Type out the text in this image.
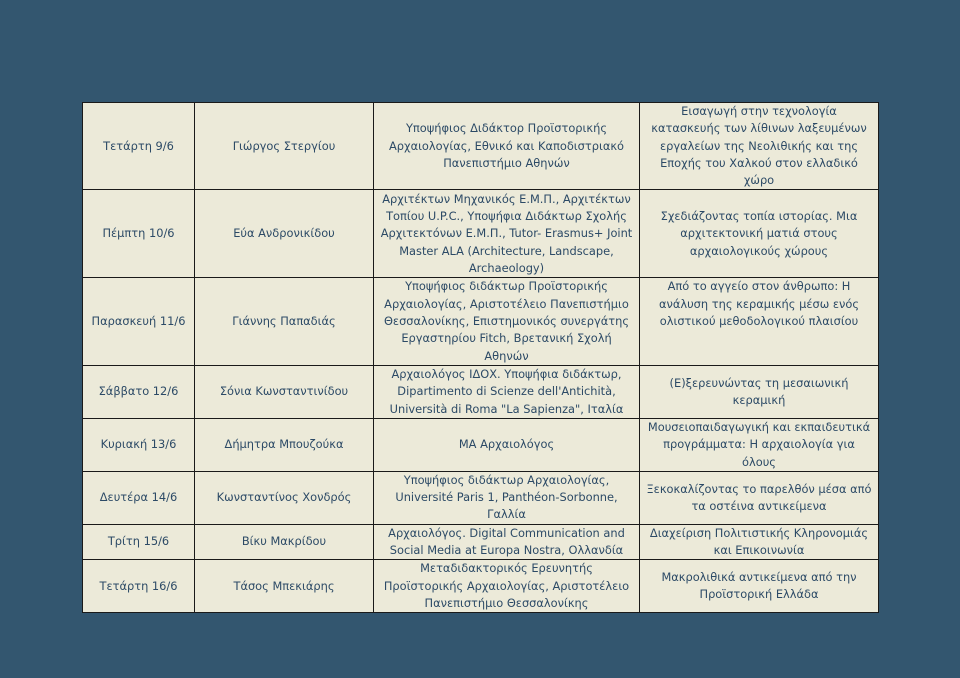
Τετάρτη 9/6	Γιώργος Στεργίου	Υποψήφιος Διδάκτορ Προϊστορικής Αρχαιολογίας, Εθνικό και Καποδιστριακό Πανεπιστήμιο Αθηνών	Εισαγωγή στην τεχνολογία κατασκευής των λίθινων λαξευμένων εργαλείων της Νεολιθικής και της Εποχής του Χαλκού στον ελλαδικό χώρο
Πέμπτη 10/6	Εύα Ανδρονικίδου	Αρχιτέκτων Μηχανικός Ε.Μ.Π., Αρχιτέκτων Τοπίου U.P.C., Υποψήφια Διδάκτωρ Σχολής Αρχιτεκτόνων Ε.Μ.Π., Tutor- Erasmus+ Joint Master ALA (Architecture, Landscape, Archaeology)	Σχεδιάζοντας τοπία ιστορίας. Μια αρχιτεκτονική ματιά στους αρχαιολογικούς χώρους
Παρασκευή 11/6	Γιάννης Παπαδιάς	Υποψήφιος διδάκτωρ Προϊστορικής Αρχαιολογίας, Αριστοτέλειο Πανεπιστήμιο Θεσσαλονίκης, Επιστημονικός συνεργάτης Εργαστηρίου Fitch, Βρετανική Σχολή Αθηνών	Από το αγγείο στον άνθρωπο: Η ανάλυση της κεραμικής μέσω ενός ολιστικού μεθοδολογικού πλαισίου
Σάββατο 12/6	Σόνια Κωνσταντινίδου	Αρχαιολόγος ΙΔΟΧ. Υποψήφια διδάκτωρ, Dipartimento di Scienze dell'Antichità, Università di Roma "La Sapienza", Ιταλία	(Ε)ξερευνώντας τη μεσαιωνική κεραμική
Κυριακή 13/6	Δήμητρα Μπουζούκα	ΜΑ Αρχαιολόγος	Μουσειοπαιδαγωγική και εκπαιδευτικά προγράμματα: Η αρχαιολογία για όλους
Δευτέρα 14/6	Κωνσταντίνος Χονδρός	Υποψήφιος διδάκτωρ Αρχαιολογίας, Université Paris 1, Panthéon-Sorbonne, Γαλλία	Ξεκοκαλίζοντας το παρελθόν μέσα από τα οστέινα αντικείμενα
Τρίτη 15/6	Βίκυ Μακρίδου	Αρχαιολόγος. Digital Communication and Social Media at Europa Nostra, Ολλανδία	Διαχείριση Πολιτιστικής Κληρονομιάς και Επικοινωνία
Τετάρτη 16/6	Τάσος Μπεκιάρης	Μεταδιδακτορικός Ερευνητής Προϊστορικής Αρχαιολογίας, Αριστοτέλειο Πανεπιστήμιο Θεσσαλονίκης	Μακρολιθικά αντικείμενα από την Προϊστορική Ελλάδα
